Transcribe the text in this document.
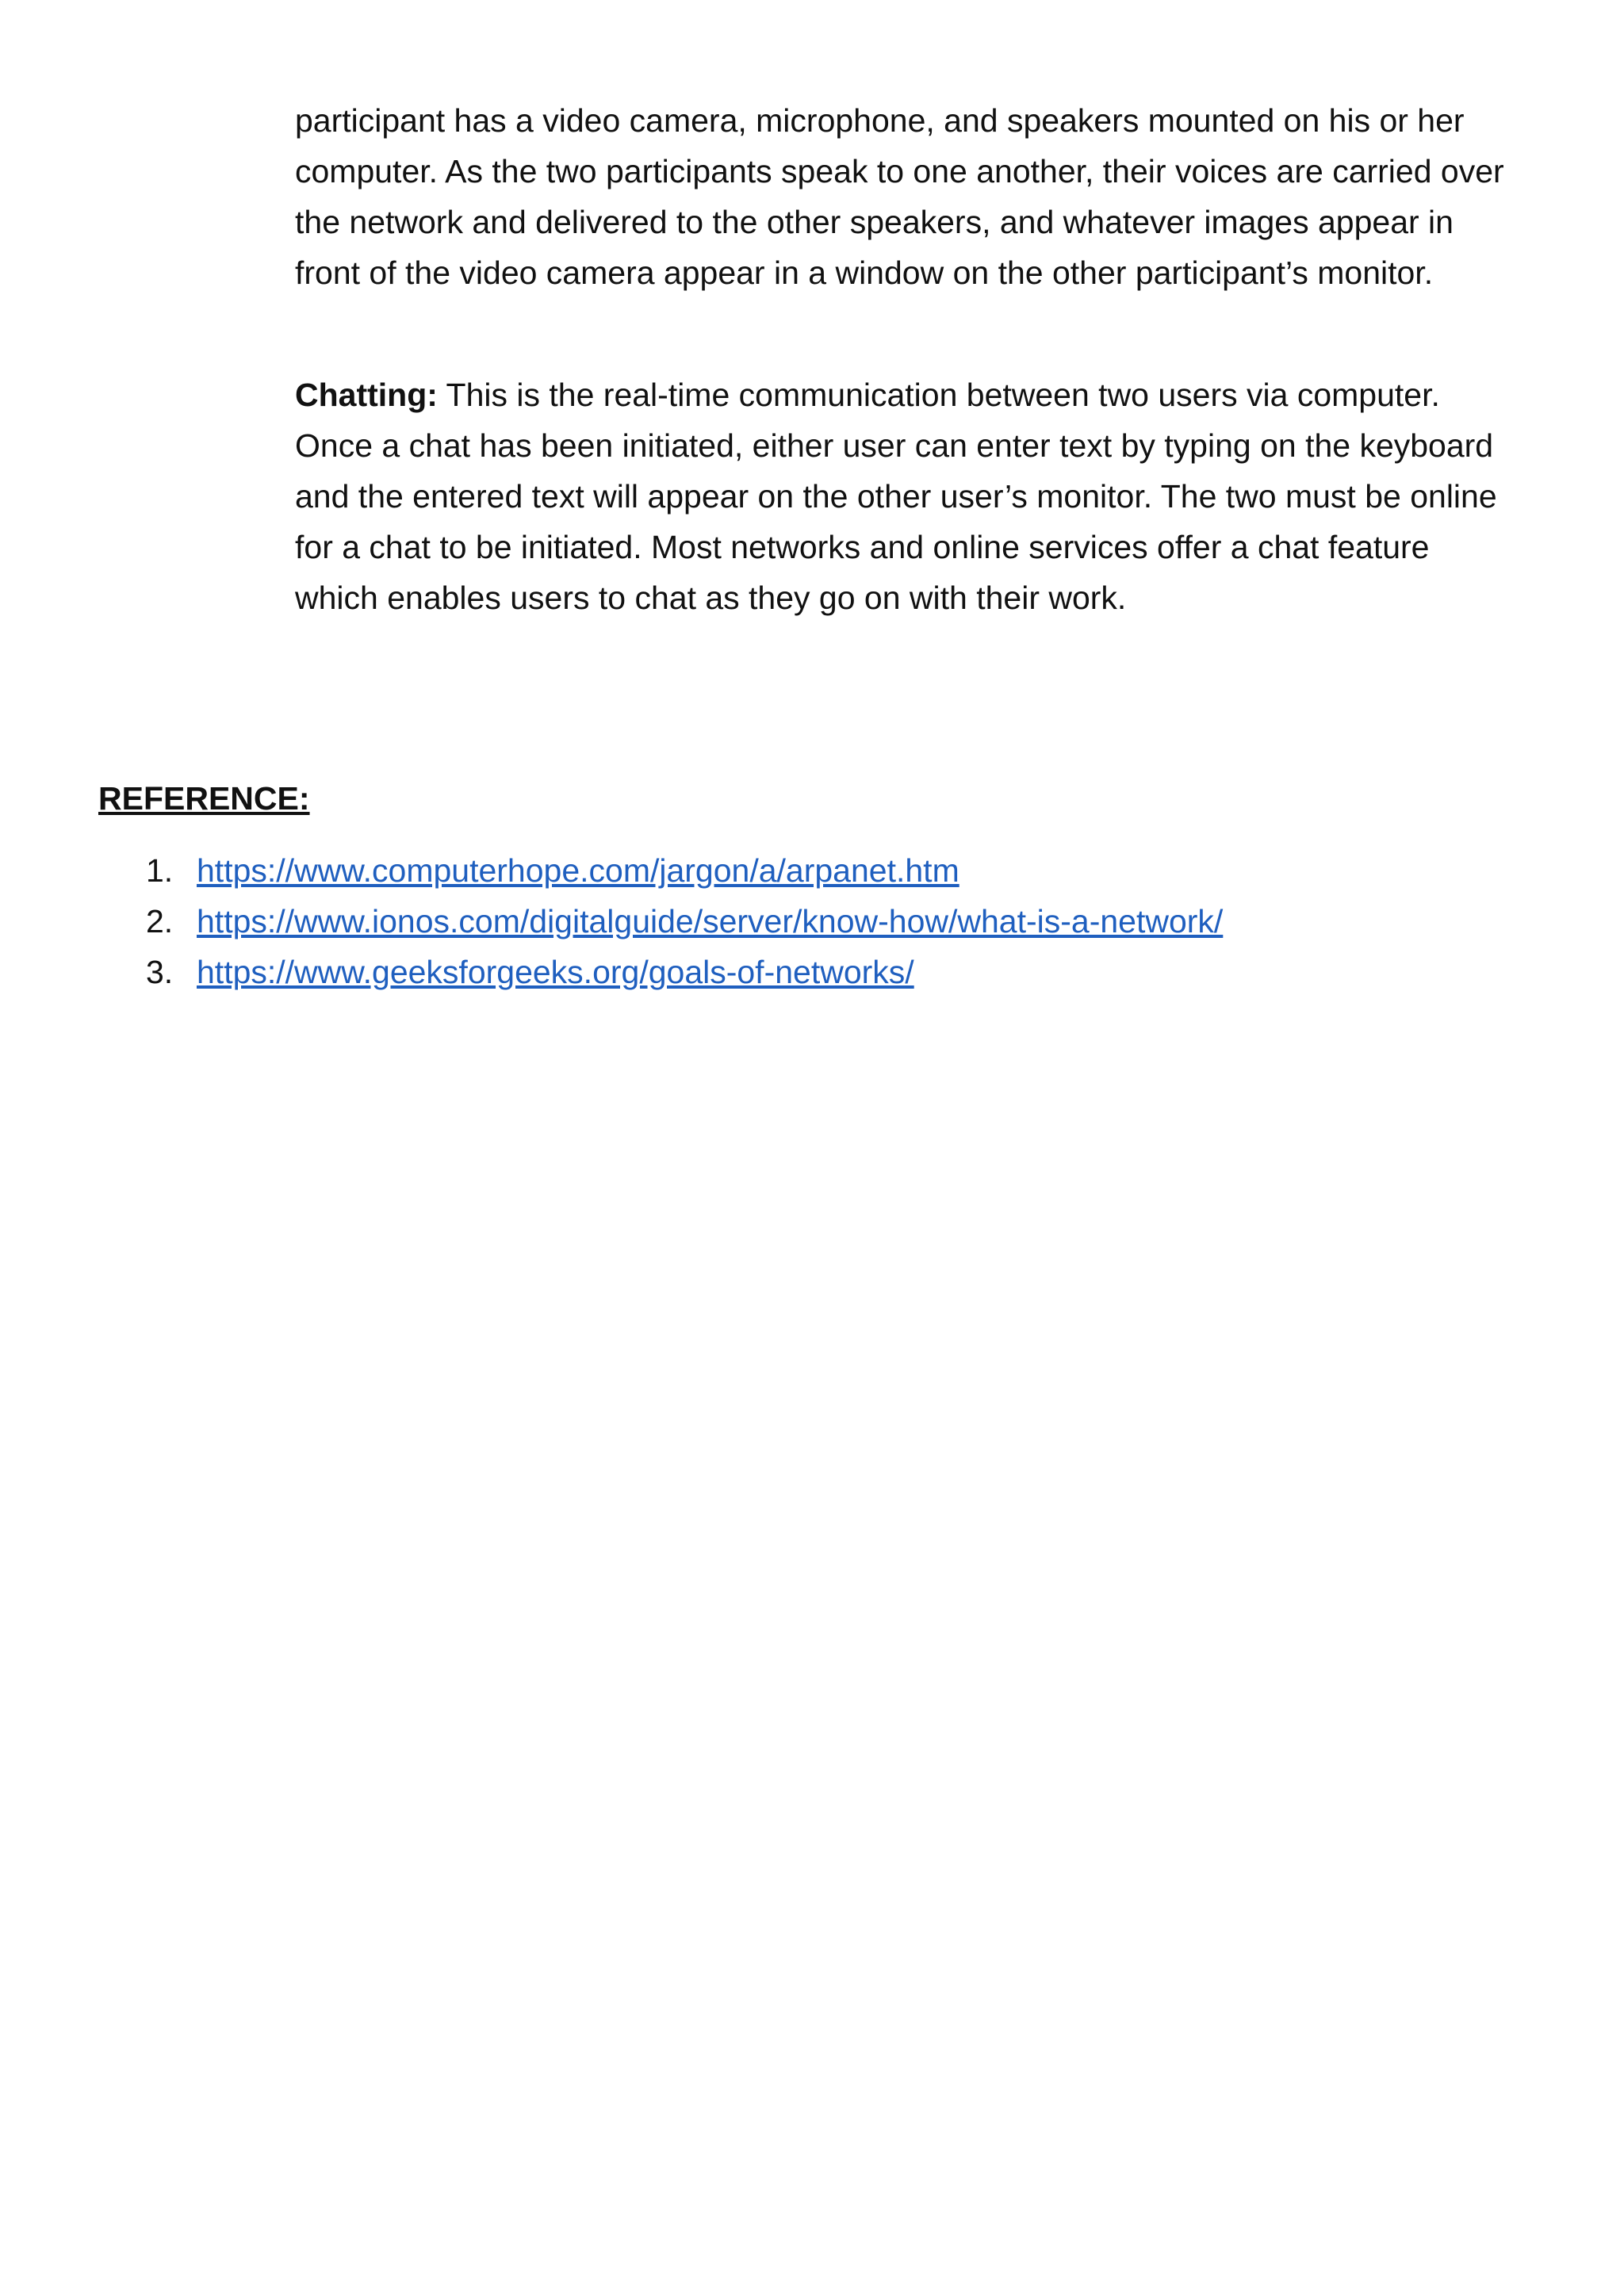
participant has a video camera, microphone, and speakers mounted on his or her computer. As the two participants speak to one another, their voices are carried over the network and delivered to the other speakers, and whatever images appear in front of the video camera appear in a window on the other participant’s monitor.

Chatting: This is the real-time communication between two users via computer. Once a chat has been initiated, either user can enter text by typing on the keyboard and the entered text will appear on the other user’s monitor. The two must be online for a chat to be initiated. Most networks and online services offer a chat feature which enables users to chat as they go on with their work.

REFERENCE:
1. https://www.computerhope.com/jargon/a/arpanet.htm
2. https://www.ionos.com/digitalguide/server/know-how/what-is-a-network/
3. https://www.geeksforgeeks.org/goals-of-networks/
